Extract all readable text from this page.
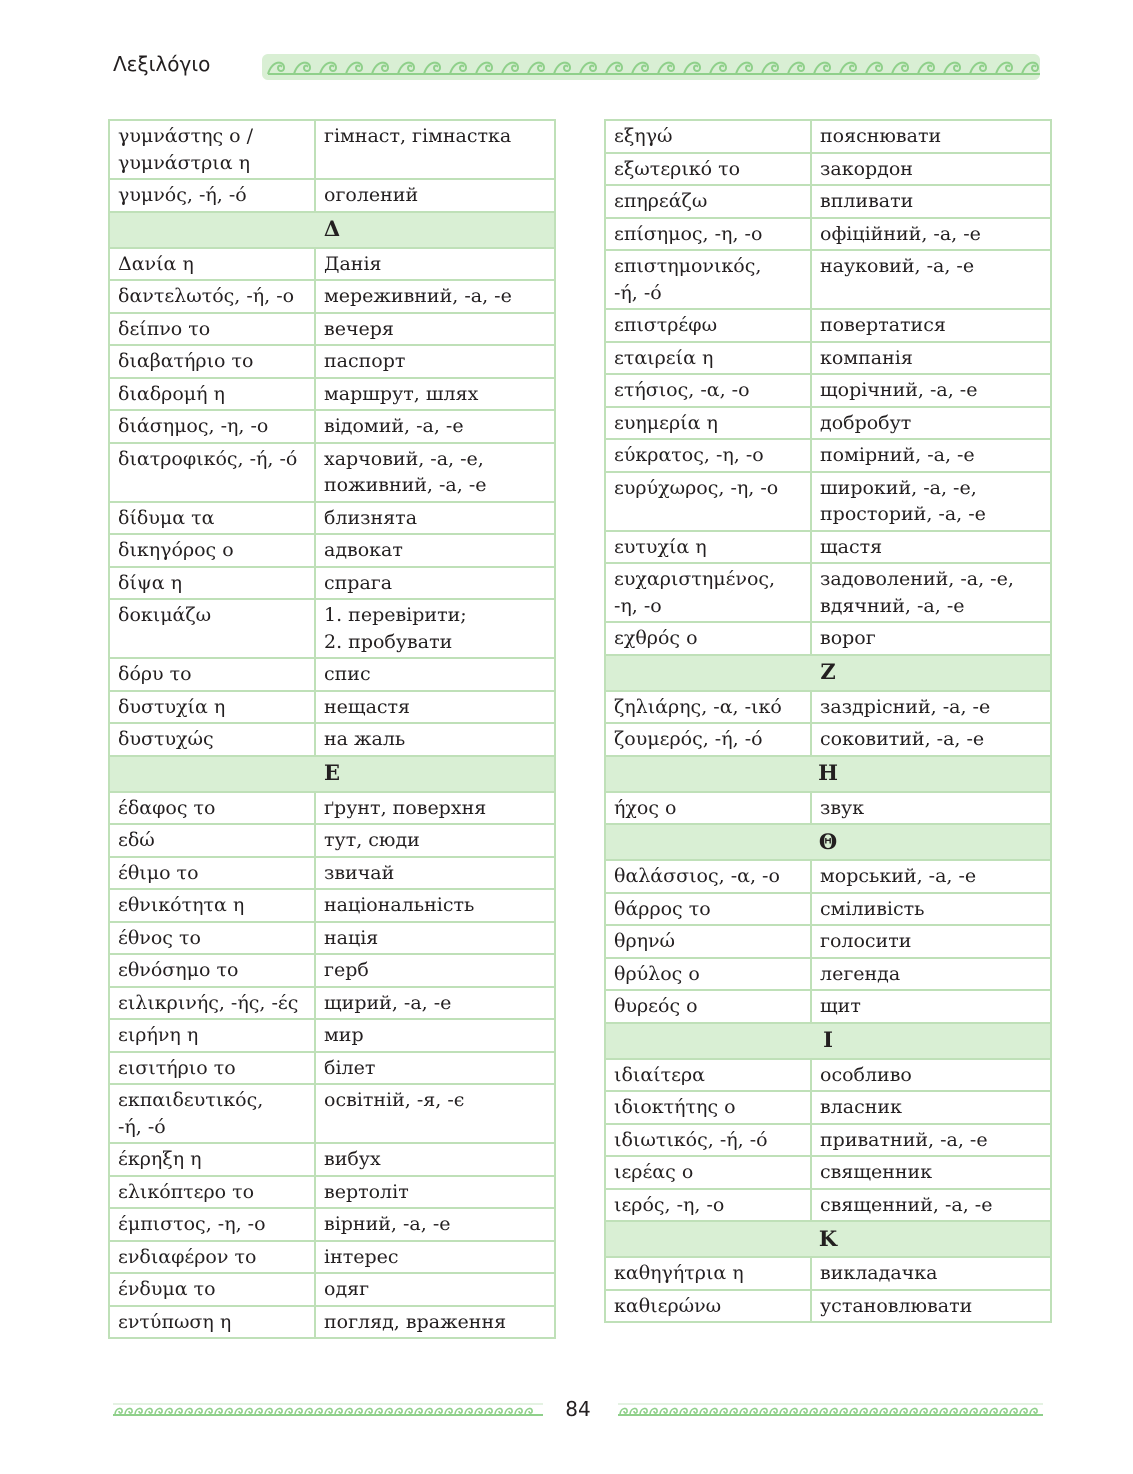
Λεξιλόγιο
γυμνάστης ο /
γυμνάστρια η	гімнаст, гімнастка
γυμνός, -ή, -ό	оголений
Δ	
Δανία η	Данія
δαντελωτός, -ή, -ο	мереживний, -а, -е
δείπνο το	вечеря
διαβατήριο το	паспорт
διαδρομή η	маршрут, шлях
διάσημος, -η, -ο	відомий, -а, -е
διατροφικός, -ή, -ό	харчовий, -а, -е,
поживний, -а, -е
δίδυμα τα	близнята
δικηγόρος ο	адвокат
δίψα η	спрага
δοκιμάζω	1. перевірити;
2. пробувати
δόρυ το	спис
δυστυχία η	нещастя
δυστυχώς	на жаль
Ε	
έδαφος το	ґрунт, поверхня
εδώ	тут, сюди
έθιμο το	звичай
εθνικότητα η	національність
έθνος το	нація
εθνόσημο το	герб
ειλικρινής, -ής, -ές	щирий, -а, -е
ειρήνη η	мир
εισιτήριο το	білет
εκπαιδευτικός,
-ή, -ό	освітній, -я, -є
έκρηξη η	вибух
ελικόπτερο το	вертоліт
έμπιστος, -η, -ο	вірний, -а, -е
ενδιαφέρον το	інтерес
ένδυμα το	одяг
εντύπωση η	погляд, враження
εξηγώ	пояснювати
εξωτερικό το	закордон
επηρεάζω	впливати
επίσημος, -η, -ο	офіційний, -а, -е
επιστημονικός,
-ή, -ό	науковий, -а, -е
επιστρέφω	повертатися
εταιρεία η	компанія
ετήσιος, -α, -ο	щорічний, -а, -е
ευημερία η	добробут
εύκρατος, -η, -ο	помірний, -а, -е
ευρύχωρος, -η, -ο	широкий, -а, -е,
просторий, -а, -е
ευτυχία η	щастя
ευχαριστημένος,
-η, -ο	задоволений, -а, -е,
вдячний, -а, -е
εχθρός ο	ворог
Ζ	
ζηλιάρης, -α, -ικό	заздрісний, -а, -е
ζουμερός, -ή, -ό	соковитий, -а, -е
Η	
ήχος ο	звук
Θ	
θαλάσσιος, -α, -ο	морський, -а, -е
θάρρος το	сміливість
θρηνώ	голосити
θρύλος ο	легенда
θυρεός ο	щит
Ι	
ιδιαίτερα	особливо
ιδιοκτήτης ο	власник
ιδιωτικός, -ή, -ό	приватний, -а, -е
ιερέας ο	священник
ιερός, -η, -ο	священний, -а, -е
Κ	
καθηγήτρια η	викладачка
καθιερώνω	установлювати
84
